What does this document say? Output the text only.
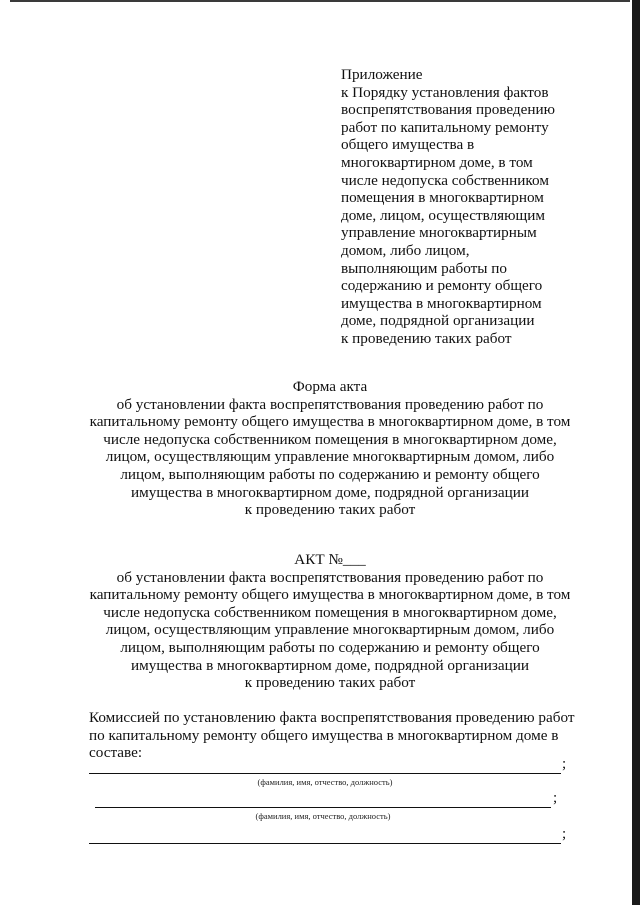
Приложение
к Порядку установления фактов
воспрепятствования проведению
работ по капитальному ремонту
общего имущества в
многоквартирном доме, в том
числе недопуска собственником
помещения в многоквартирном
доме, лицом, осуществляющим
управление многоквартирным
домом, либо лицом,
выполняющим работы по
содержанию и ремонту общего
имущества в многоквартирном
доме, подрядной организации
к проведению таких работ
Форма акта
об установлении факта воспрепятствования проведению работ по
капитальному ремонту общего имущества в многоквартирном доме, в том
числе недопуска собственником помещения в многоквартирном доме,
лицом, осуществляющим управление многоквартирным домом, либо
лицом, выполняющим работы по содержанию и ремонту общего
имущества в многоквартирном доме, подрядной организации
к проведению таких работ
АКТ №___
об установлении факта воспрепятствования проведению работ по
капитальному ремонту общего имущества в многоквартирном доме, в том
числе недопуска собственником помещения в многоквартирном доме,
лицом, осуществляющим управление многоквартирным домом, либо
лицом, выполняющим работы по содержанию и ремонту общего
имущества в многоквартирном доме, подрядной организации
к проведению таких работ
Комиссией по установлению факта воспрепятствования проведению работ
по капитальному ремонту общего имущества в многоквартирном доме в
составе:
;
(фамилия, имя, отчество, должность)
;
(фамилия, имя, отчество, должность)
;
